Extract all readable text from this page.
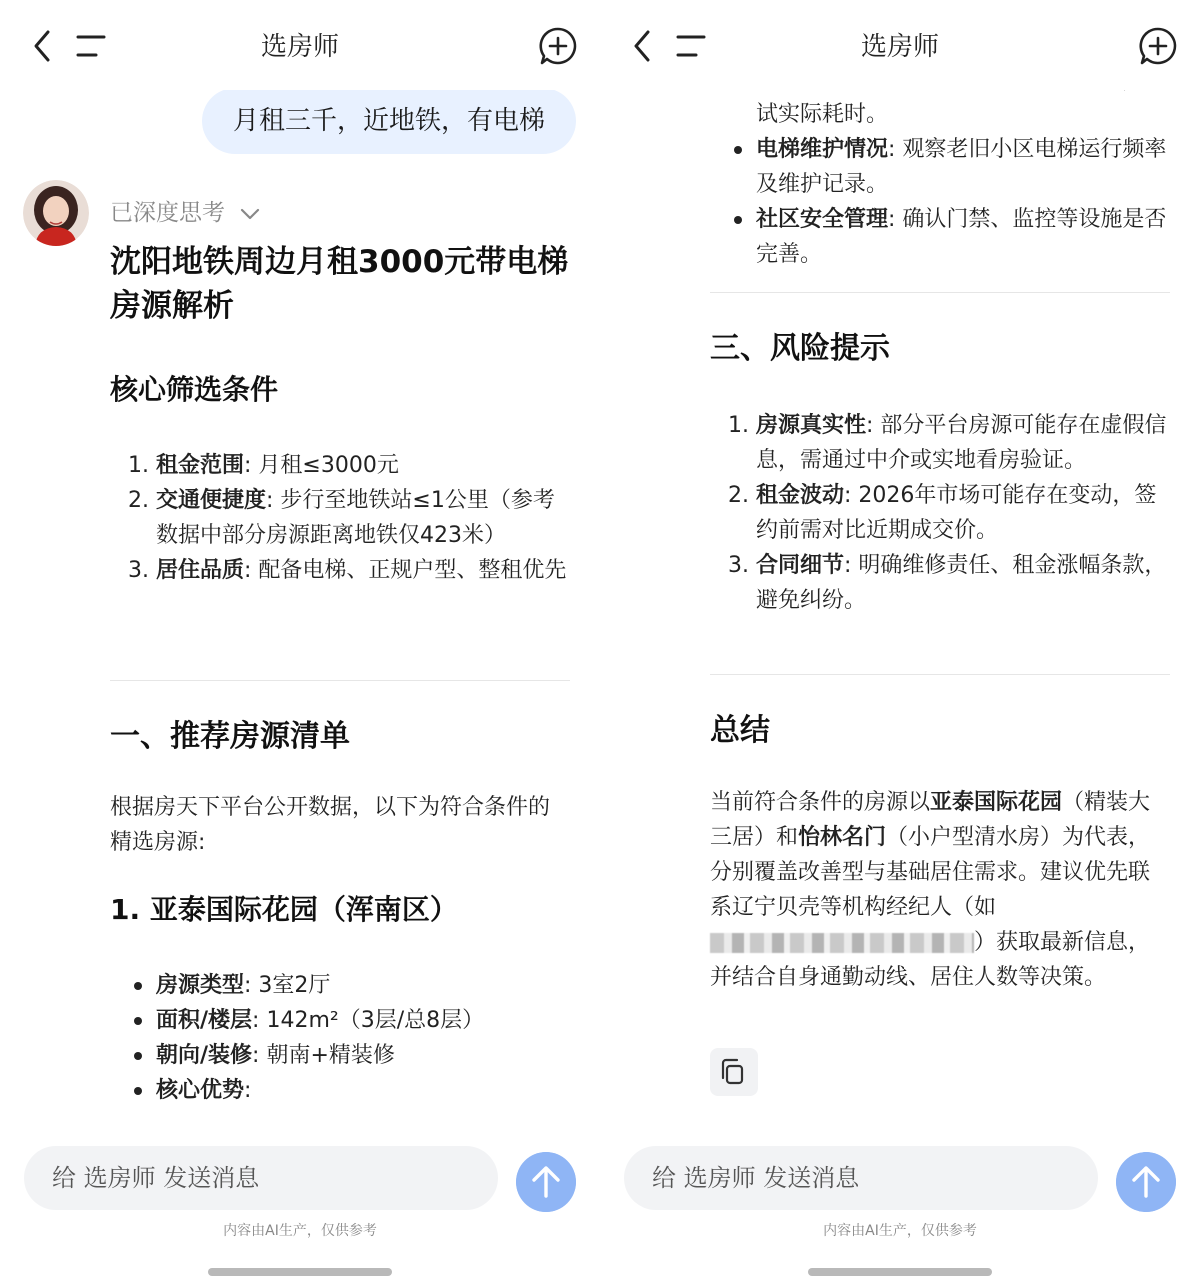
选房师
月租三千，近地铁，有电梯
已深度思考
沈阳地铁周边月租3000元带电梯房源解析
核心筛选条件
1. 租金范围: 月租≤3000元
2. 交通便捷度: 步行至地铁站≤1公里（参考数据中部分房源距离地铁仅423米）
3. 居住品质: 配备电梯、正规户型、整租优先
一、推荐房源清单
根据房天下平台公开数据，以下为符合条件的精选房源:
1. 亚泰国际花园（浑南区）
房源类型: 3室2厅
面积/楼层: 142m²（3层/总8层）
朝向/装修: 朝南+精装修
核心优势:
给 选房师 发送消息
内容由AI生产，仅供参考
选房师
试实际耗时。
电梯维护情况: 观察老旧小区电梯运行频率及维护记录。
社区安全管理: 确认门禁、监控等设施是否完善。
三、风险提示
1. 房源真实性: 部分平台房源可能存在虚假信息，需通过中介或实地看房验证。
2. 租金波动: 2026年市场可能存在变动，签约前需对比近期成交价。
3. 合同细节: 明确维修责任、租金涨幅条款，避免纠纷。
总结
当前符合条件的房源以亚泰国际花园（精装大三居）和怡林名门（小户型清水房）为代表，分别覆盖改善型与基础居住需求。建议优先联系辽宁贝壳等机构经纪人（如）获取最新信息，并结合自身通勤动线、居住人数等决策。
给 选房师 发送消息
内容由AI生产，仅供参考
